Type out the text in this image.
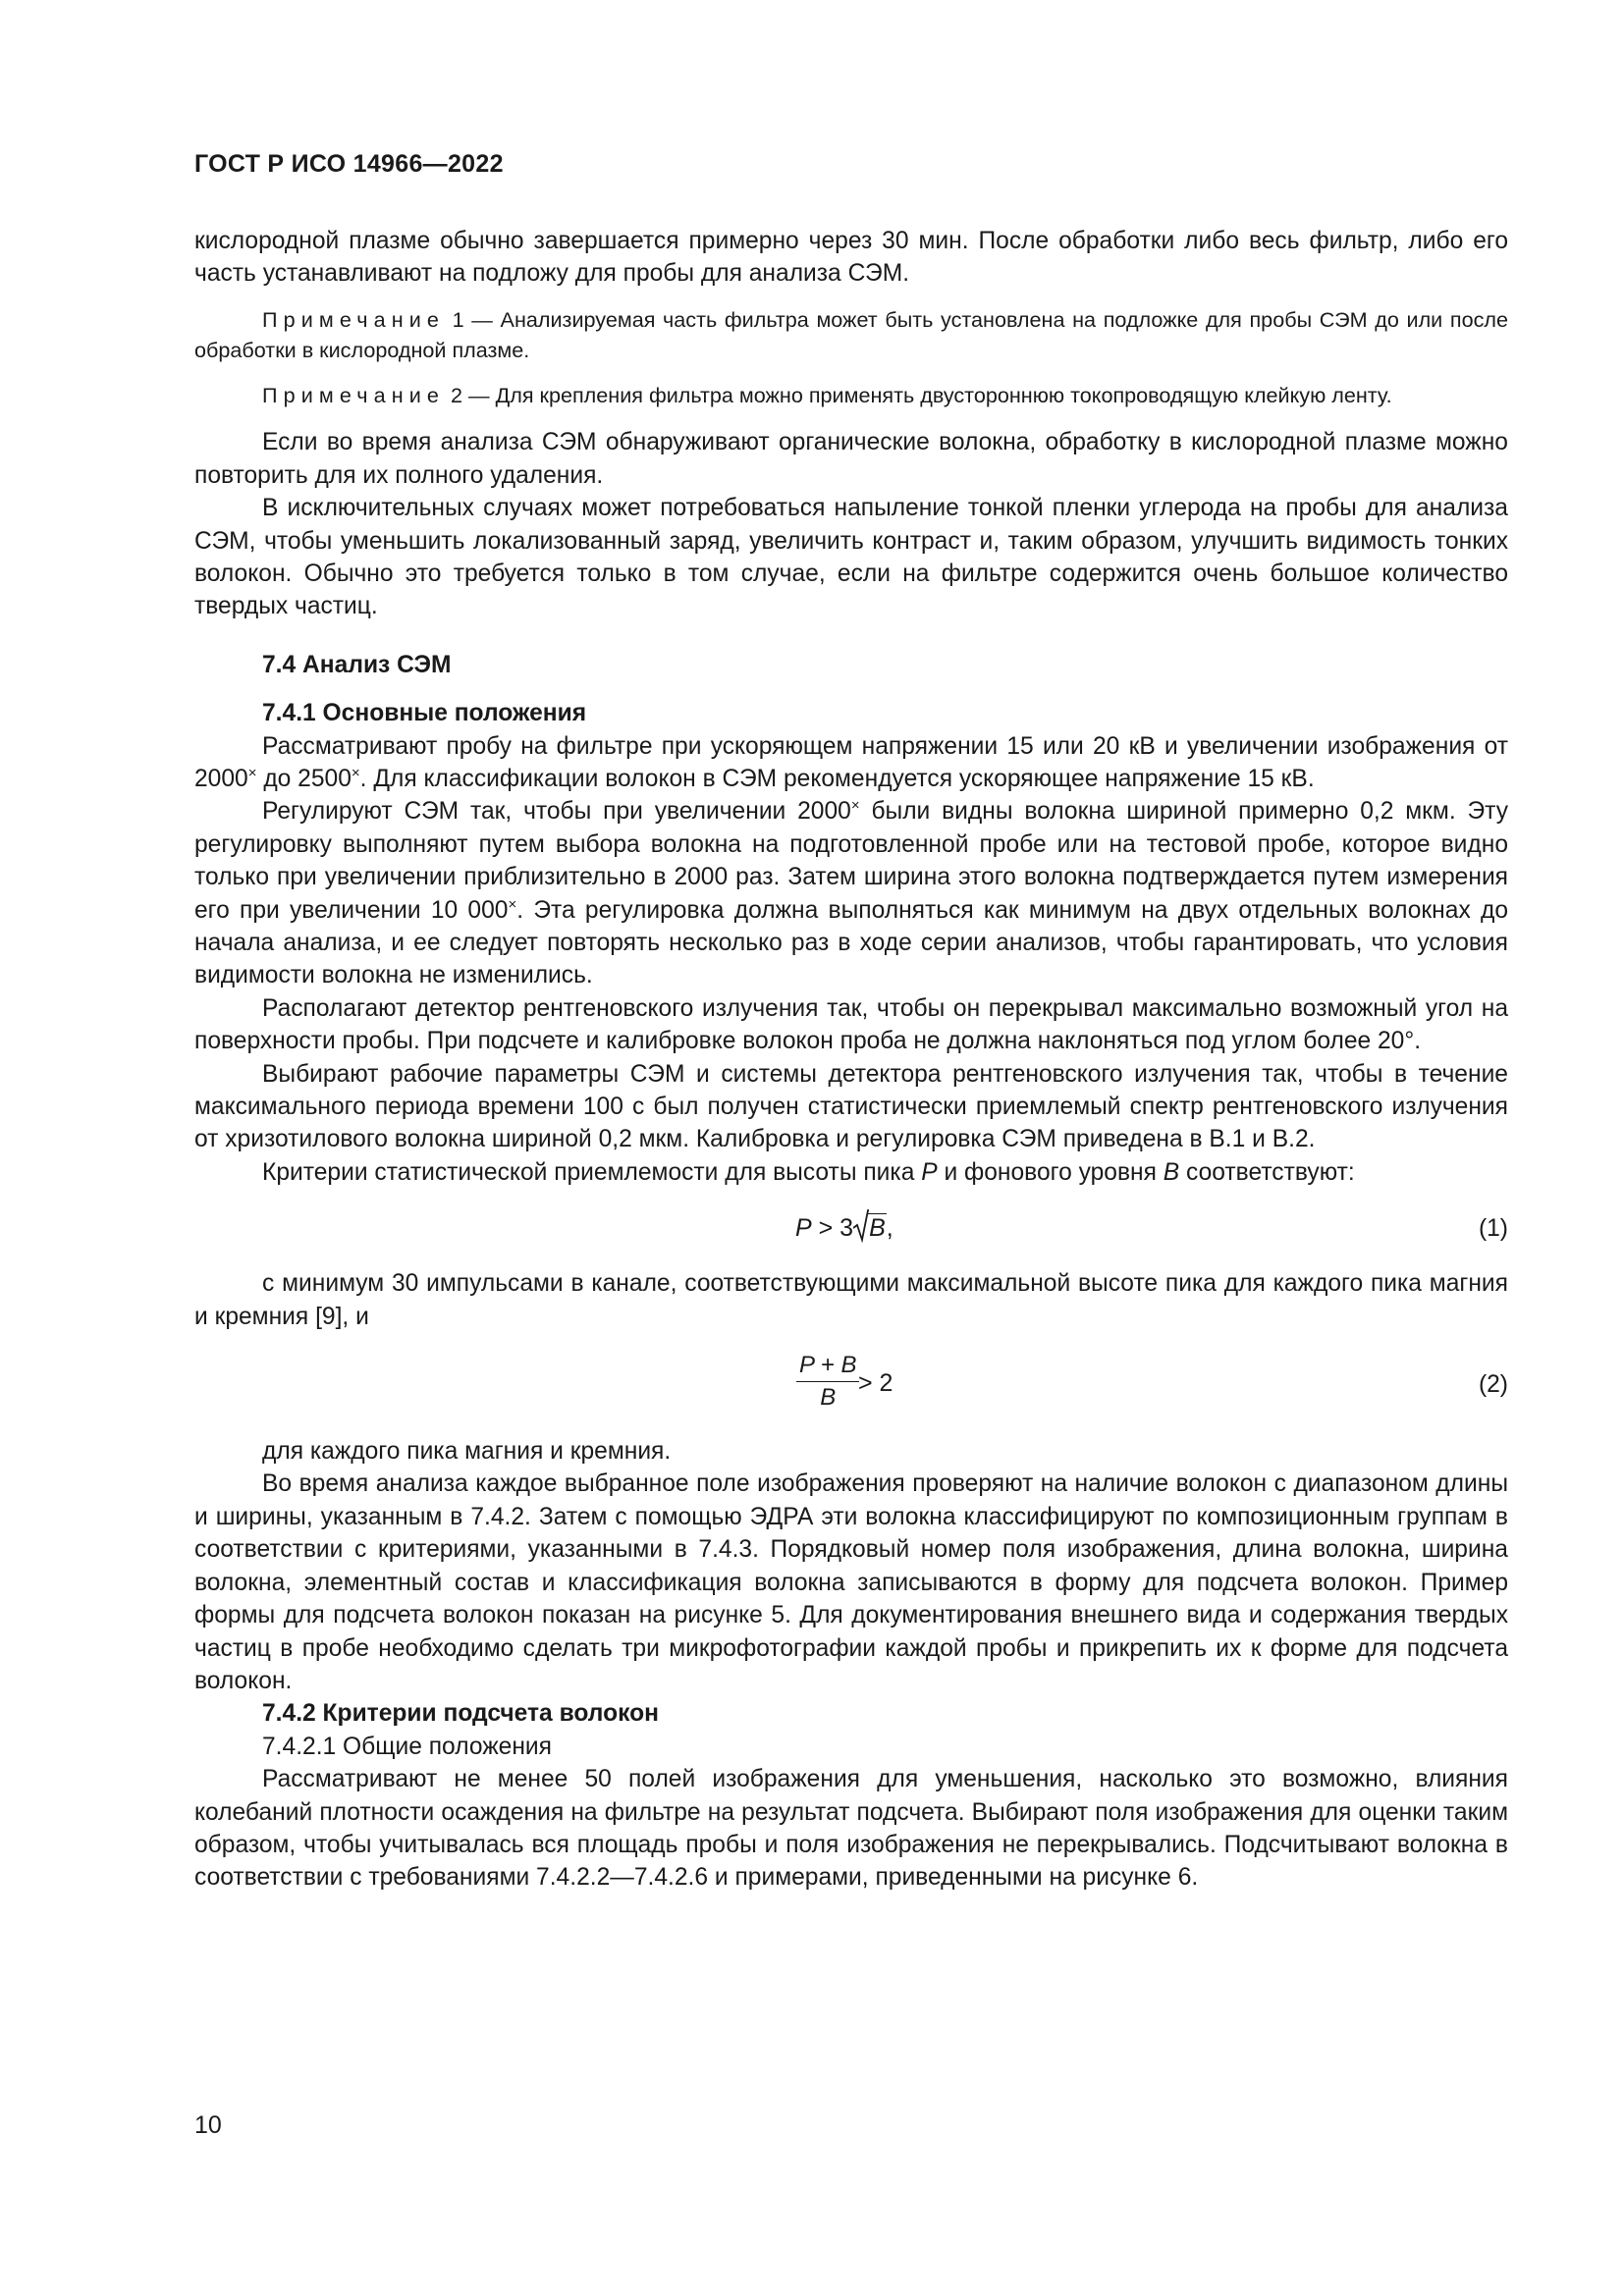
ГОСТ Р ИСО 14966—2022

кислородной плазме обычно завершается примерно через 30 мин. После обработки либо весь фильтр, либо его часть устанавливают на подложу для пробы для анализа СЭМ.

Примечание 1 — Анализируемая часть фильтра может быть установлена на подложке для пробы СЭМ до или после обработки в кислородной плазме.

Примечание 2 — Для крепления фильтра можно применять двустороннюю токопроводящую клейкую ленту.

Если во время анализа СЭМ обнаруживают органические волокна, обработку в кислородной плазме можно повторить для их полного удаления.

В исключительных случаях может потребоваться напыление тонкой пленки углерода на пробы для анализа СЭМ, чтобы уменьшить локализованный заряд, увеличить контраст и, таким образом, улучшить видимость тонких волокон. Обычно это требуется только в том случае, если на фильтре содержится очень большое количество твердых частиц.

7.4 Анализ СЭМ
7.4.1 Основные положения

Рассматривают пробу на фильтре при ускоряющем напряжении 15 или 20 кВ и увеличении изображения от 2000× до 2500×. Для классификации волокон в СЭМ рекомендуется ускоряющее напряжение 15 кВ.

Регулируют СЭМ так, чтобы при увеличении 2000× были видны волокна шириной примерно 0,2 мкм. Эту регулировку выполняют путем выбора волокна на подготовленной пробе или на тестовой пробе, которое видно только при увеличении приблизительно в 2000 раз. Затем ширина этого волокна подтверждается путем измерения его при увеличении 10 000×. Эта регулировка должна выполняться как минимум на двух отдельных волокнах до начала анализа, и ее следует повторять несколько раз в ходе серии анализов, чтобы гарантировать, что условия видимости волокна не изменились.

Располагают детектор рентгеновского излучения так, чтобы он перекрывал максимально возможный угол на поверхности пробы. При подсчете и калибровке волокон проба не должна наклоняться под углом более 20°.

Выбирают рабочие параметры СЭМ и системы детектора рентгеновского излучения так, чтобы в течение максимального периода времени 100 с был получен статистически приемлемый спектр рентгеновского излучения от хризотилового волокна шириной 0,2 мкм. Калибровка и регулировка СЭМ приведена в В.1 и В.2.

Критерии статистической приемлемости для высоты пика P и фонового уровня B соответствуют:

P > 3 B,	(1)

с минимум 30 импульсами в канале, соответствующими максимальной высоте пика для каждого пика магния и кремния [9], и

$\frac{P + B}{B}$
> 2	(2)

для каждого пика магния и кремния.

Во время анализа каждое выбранное поле изображения проверяют на наличие волокон с диапазоном длины и ширины, указанным в 7.4.2. Затем с помощью ЭДРА эти волокна классифицируют по композиционным группам в соответствии с критериями, указанными в 7.4.3. Порядковый номер поля изображения, длина волокна, ширина волокна, элементный состав и классификация волокна записываются в форму для подсчета волокон. Пример формы для подсчета волокон показан на рисунке 5. Для документирования внешнего вида и содержания твердых частиц в пробе необходимо сделать три микрофотографии каждой пробы и прикрепить их к форме для подсчета волокон.

7.4.2 Критерии подсчета волокон
7.4.2.1 Общие положения

Рассматривают не менее 50 полей изображения для уменьшения, насколько это возможно, влияния колебаний плотности осаждения на фильтре на результат подсчета. Выбирают поля изображения для оценки таким образом, чтобы учитывалась вся площадь пробы и поля изображения не перекрывались. Подсчитывают волокна в соответствии с требованиями 7.4.2.2—7.4.2.6 и примерами, приведенными на рисунке 6.

10
